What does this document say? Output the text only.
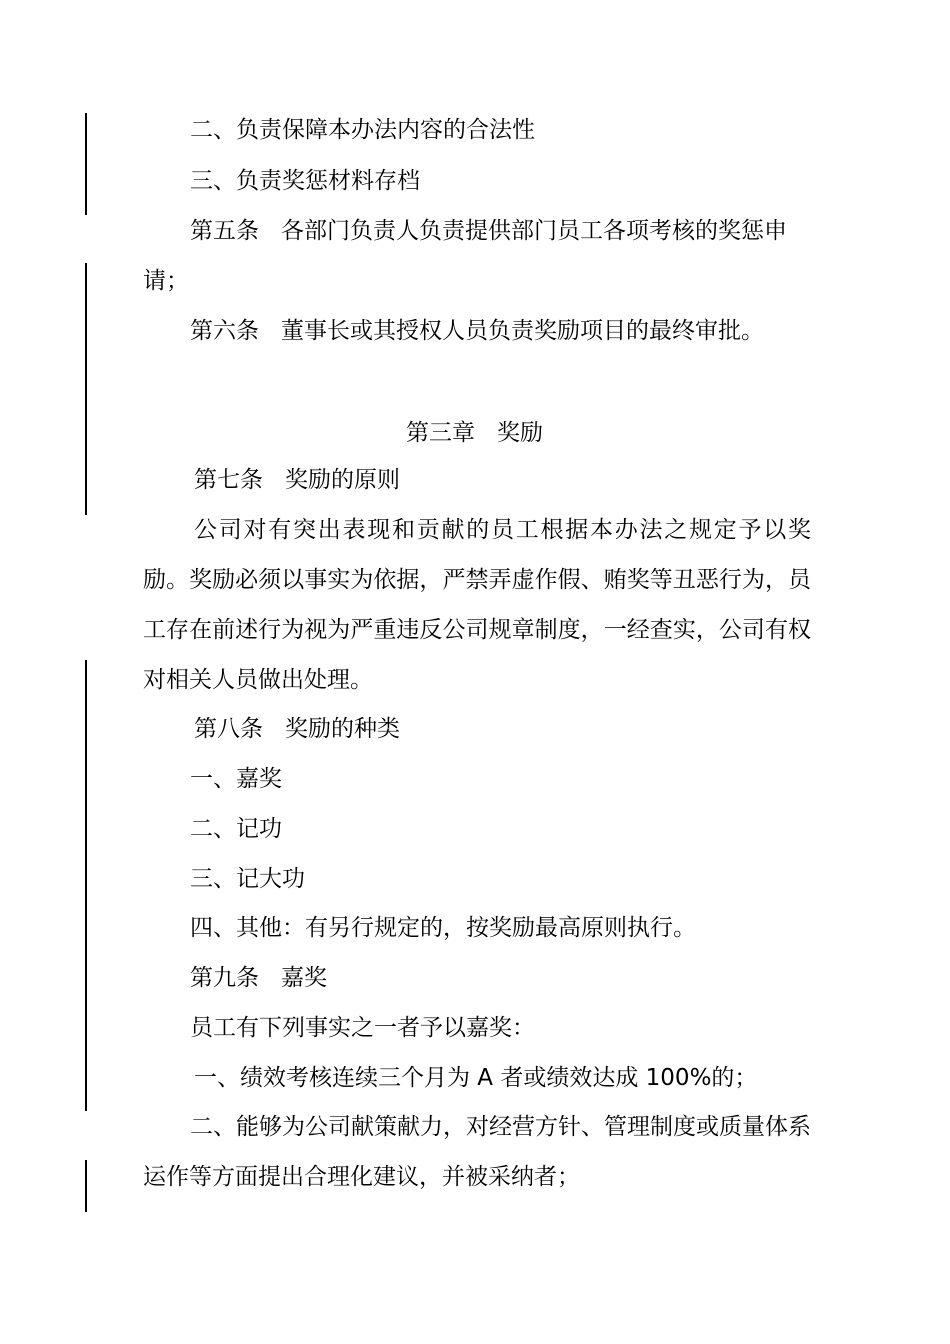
二、负责保障本办法内容的合法性
三、负责奖惩材料存档
第五条 各部门负责人负责提供部门员工各项考核的奖惩申
请；
第六条 董事长或其授权人员负责奖励项目的最终审批。
第三章 奖励
第七条 奖励的原则
公司对有突出表现和贡献的员工根据本办法之规定予以奖励。奖励必须以事实为依据，严禁弄虚作假、贿奖等丑恶行为，员工存在前述行为视为严重违反公司规章制度，一经查实，公司有权对相关人员做出处理。
第八条 奖励的种类
一、嘉奖
二、记功
三、记大功
四、其他：有另行规定的，按奖励最高原则执行。
第九条 嘉奖
员工有下列事实之一者予以嘉奖：
一、绩效考核连续三个月为 A 者或绩效达成 100%的；
二、能够为公司献策献力，对经营方针、管理制度或质量体系运作等方面提出合理化建议，并被采纳者；
